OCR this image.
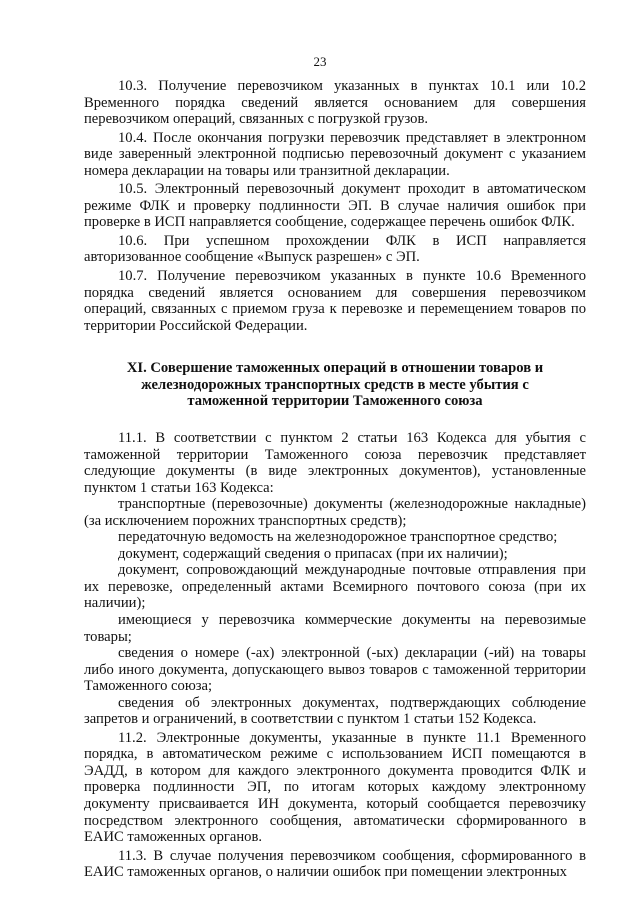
23

10.3. Получение перевозчиком указанных в пунктах 10.1 или 10.2 Временного порядка сведений является основанием для совершения перевозчиком операций, связанных с погрузкой грузов.

10.4. После окончания погрузки перевозчик представляет в электронном виде заверенный электронной подписью перевозочный документ с указанием номера декларации на товары или транзитной декларации.

10.5. Электронный перевозочный документ проходит в автоматическом режиме ФЛК и проверку подлинности ЭП. В случае наличия ошибок при проверке в ИСП направляется сообщение, содержащее перечень ошибок ФЛК.

10.6. При успешном прохождении ФЛК в ИСП направляется авторизованное сообщение «Выпуск разрешен» с ЭП.

10.7. Получение перевозчиком указанных в пункте 10.6 Временного порядка сведений является основанием для совершения перевозчиком операций, связанных с приемом груза к перевозке и перемещением товаров по территории Российской Федерации.

XI. Совершение таможенных операций в отношении товаров и железнодорожных транспортных средств в месте убытия с таможенной территории Таможенного союза

11.1. В соответствии с пунктом 2 статьи 163 Кодекса для убытия с таможенной территории Таможенного союза перевозчик представляет следующие документы (в виде электронных документов), установленные пунктом 1 статьи 163 Кодекса:

транспортные (перевозочные) документы (железнодорожные накладные) (за исключением порожних транспортных средств);

передаточную ведомость на железнодорожное транспортное средство;

документ, содержащий сведения о припасах (при их наличии);

документ, сопровождающий международные почтовые отправления при их перевозке, определенный актами Всемирного почтового союза (при их наличии);

имеющиеся у перевозчика коммерческие документы на перевозимые товары;

сведения о номере (-ах) электронной (-ых) декларации (-ий) на товары либо иного документа, допускающего вывоз товаров с таможенной территории Таможенного союза;

сведения об электронных документах, подтверждающих соблюдение запретов и ограничений, в соответствии с пунктом 1 статьи 152 Кодекса.

11.2. Электронные документы, указанные в пункте 11.1 Временного порядка, в автоматическом режиме с использованием ИСП помещаются в ЭАДД, в котором для каждого электронного документа проводится ФЛК и проверка подлинности ЭП, по итогам которых каждому электронному документу присваивается ИН документа, который сообщается перевозчику посредством электронного сообщения, автоматически сформированного в ЕАИС таможенных органов.

11.3. В случае получения перевозчиком сообщения, сформированного в ЕАИС таможенных органов, о наличии ошибок при помещении электронных
